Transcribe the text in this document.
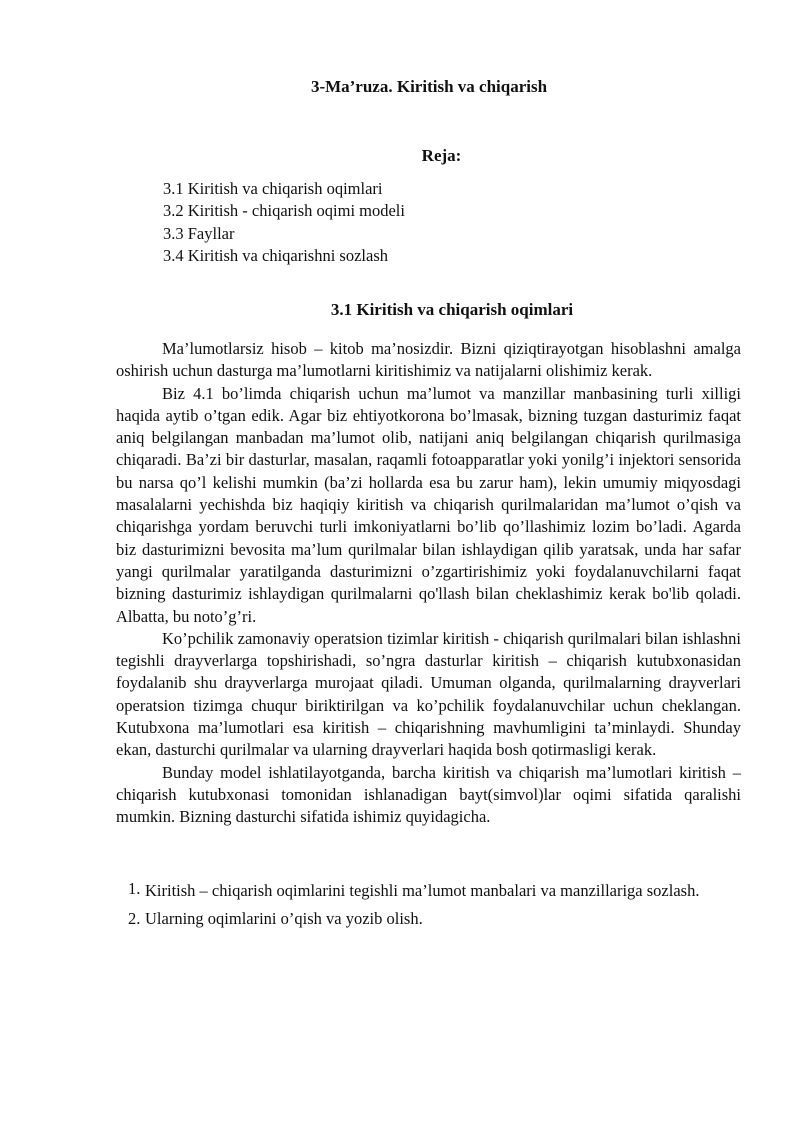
3-Ma’ruza. Kiritish va chiqarish
Reja:
3.1 Kiritish va chiqarish oqimlari
3.2 Kiritish - chiqarish oqimi modeli
3.3 Fayllar
3.4 Kiritish va chiqarishni sozlash
3.1 Kiritish va chiqarish oqimlari

Ma’lumotlarsiz hisob – kitob ma’nosizdir. Bizni qiziqtirayotgan hisoblashni amalga oshirish uchun dasturga ma’lumotlarni kiritishimiz va natijalarni olishimiz kerak.

Biz 4.1 bo’limda chiqarish uchun ma’lumot va manzillar manbasining turli xilligi haqida aytib o’tgan edik. Agar biz ehtiyotkorona bo’lmasak, bizning tuzgan dasturimiz faqat aniq belgilangan manbadan ma’lumot olib, natijani aniq belgilangan chiqarish qurilmasiga chiqaradi. Ba’zi bir dasturlar, masalan, raqamli fotoapparatlar yoki yonilg’i injektori sensorida bu narsa qo’l kelishi mumkin (ba’zi hollarda esa bu zarur ham), lekin umumiy miqyosdagi masalalarni yechishda biz haqiqiy kiritish va chiqarish qurilmalaridan ma’lumot o’qish va chiqarishga yordam beruvchi turli imkoniyatlarni bo’lib qo’llashimiz lozim bo’ladi. Agarda biz dasturimizni bevosita ma’lum qurilmalar bilan ishlaydigan qilib yaratsak, unda har safar yangi qurilmalar yaratilganda dasturimizni o’zgartirishimiz yoki foydalanuvchilarni faqat bizning dasturimiz ishlaydigan qurilmalarni qo'llash bilan cheklashimiz kerak bo'lib qoladi. Albatta, bu noto’g’ri.

Ko’pchilik zamonaviy operatsion tizimlar kiritish - chiqarish qurilmalari bilan ishlashni tegishli drayverlarga topshirishadi, so’ngra dasturlar kiritish – chiqarish kutubxonasidan foydalanib shu drayverlarga murojaat qiladi. Umuman olganda, qurilmalarning drayverlari operatsion tizimga chuqur biriktirilgan va ko’pchilik foydalanuvchilar uchun cheklangan. Kutubxona ma’lumotlari esa kiritish – chiqarishning mavhumligini ta’minlaydi. Shunday ekan, dasturchi qurilmalar va ularning drayverlari haqida bosh qotirmasligi kerak.

Bunday model ishlatilayotganda, barcha kiritish va chiqarish ma’lumotlari kiritish – chiqarish kutubxonasi tomonidan ishlanadigan bayt(simvol)lar oqimi sifatida qaralishi mumkin. Bizning dasturchi sifatida ishimiz quyidagicha.

1. Kiritish – chiqarish oqimlarini tegishli ma’lumot manbalari va manzillariga sozlash.
2. Ularning oqimlarini o’qish va yozib olish.
